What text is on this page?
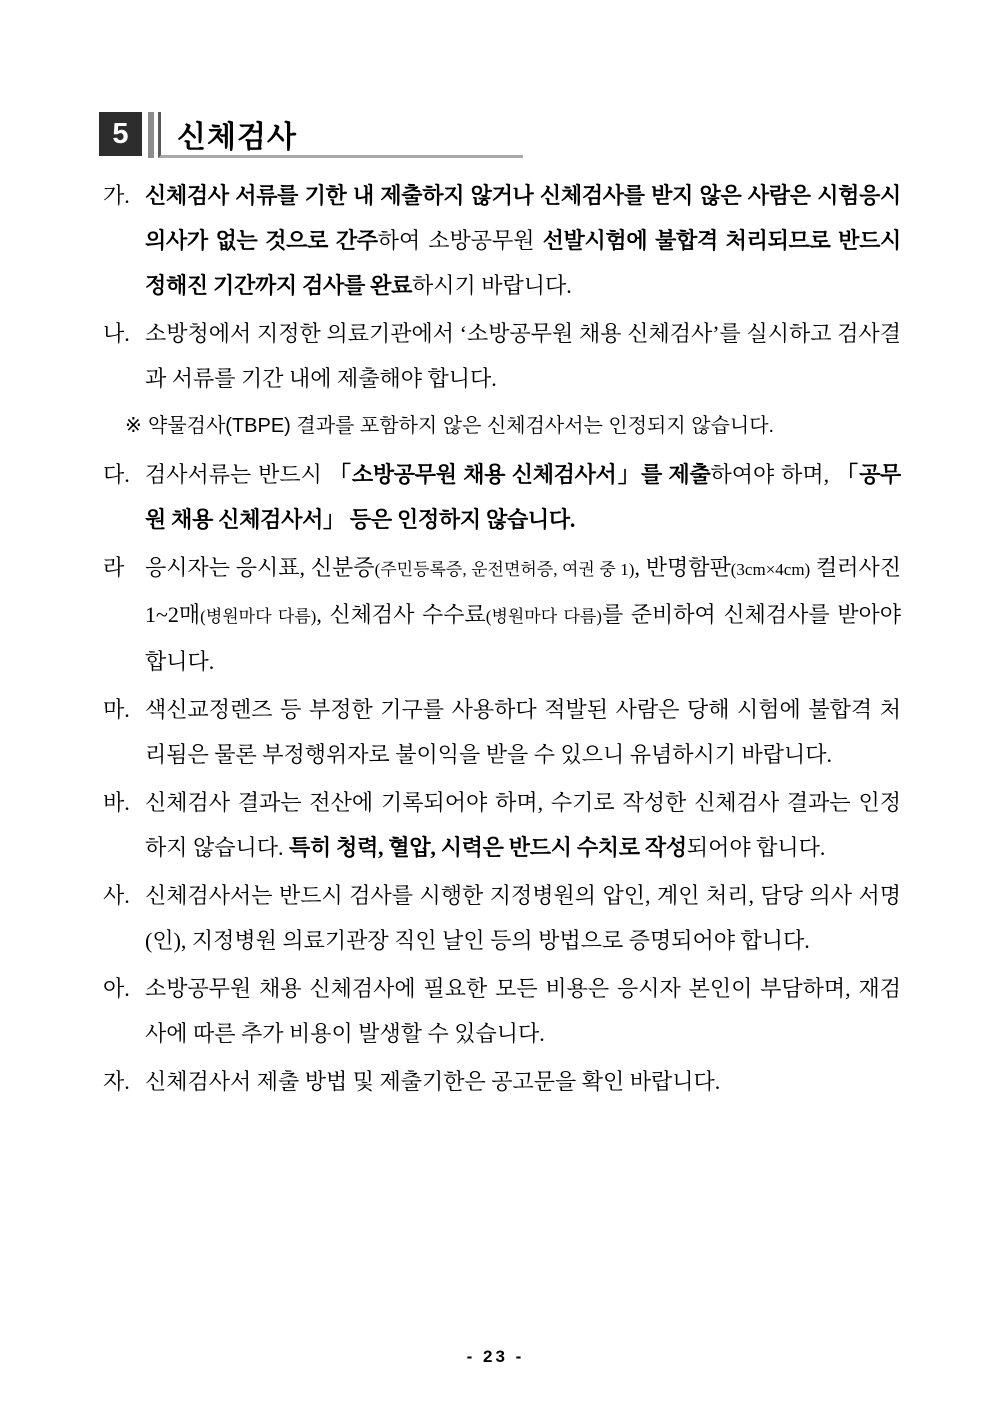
5	신체검사
가. 신체검사 서류를 기한 내 제출하지 않거나 신체검사를 받지 않은 사람은 시험응시 의사가 없는 것으로 간주하여 소방공무원 선발시험에 불합격 처리되므로 반드시 정해진 기간까지 검사를 완료하시기 바랍니다.
나. 소방청에서 지정한 의료기관에서 ‘소방공무원 채용 신체검사’를 실시하고 검사결과 서류를 기간 내에 제출해야 합니다.
※ 약물검사(TBPE) 결과를 포함하지 않은 신체검사서는 인정되지 않습니다.
다. 검사서류는 반드시 「소방공무원 채용 신체검사서」를 제출하여야 하며, 「공무원 채용 신체검사서」 등은 인정하지 않습니다.
라 응시자는 응시표, 신분증(주민등록증, 운전면허증, 여권 중 1), 반명함판(3cm×4cm) 컬러사진 1~2매(병원마다 다름), 신체검사 수수료(병원마다 다름)를 준비하여 신체검사를 받아야 합니다.
마. 색신교정렌즈 등 부정한 기구를 사용하다 적발된 사람은 당해 시험에 불합격 처리됨은 물론 부정행위자로 불이익을 받을 수 있으니 유념하시기 바랍니다.
바. 신체검사 결과는 전산에 기록되어야 하며, 수기로 작성한 신체검사 결과는 인정하지 않습니다. 특히 청력, 혈압, 시력은 반드시 수치로 작성되어야 합니다.
사. 신체검사서는 반드시 검사를 시행한 지정병원의 압인, 계인 처리, 담당 의사 서명(인), 지정병원 의료기관장 직인 날인 등의 방법으로 증명되어야 합니다.
아. 소방공무원 채용 신체검사에 필요한 모든 비용은 응시자 본인이 부담하며, 재검사에 따른 추가 비용이 발생할 수 있습니다.
자. 신체검사서 제출 방법 및 제출기한은 공고문을 확인 바랍니다.
- 23 -
